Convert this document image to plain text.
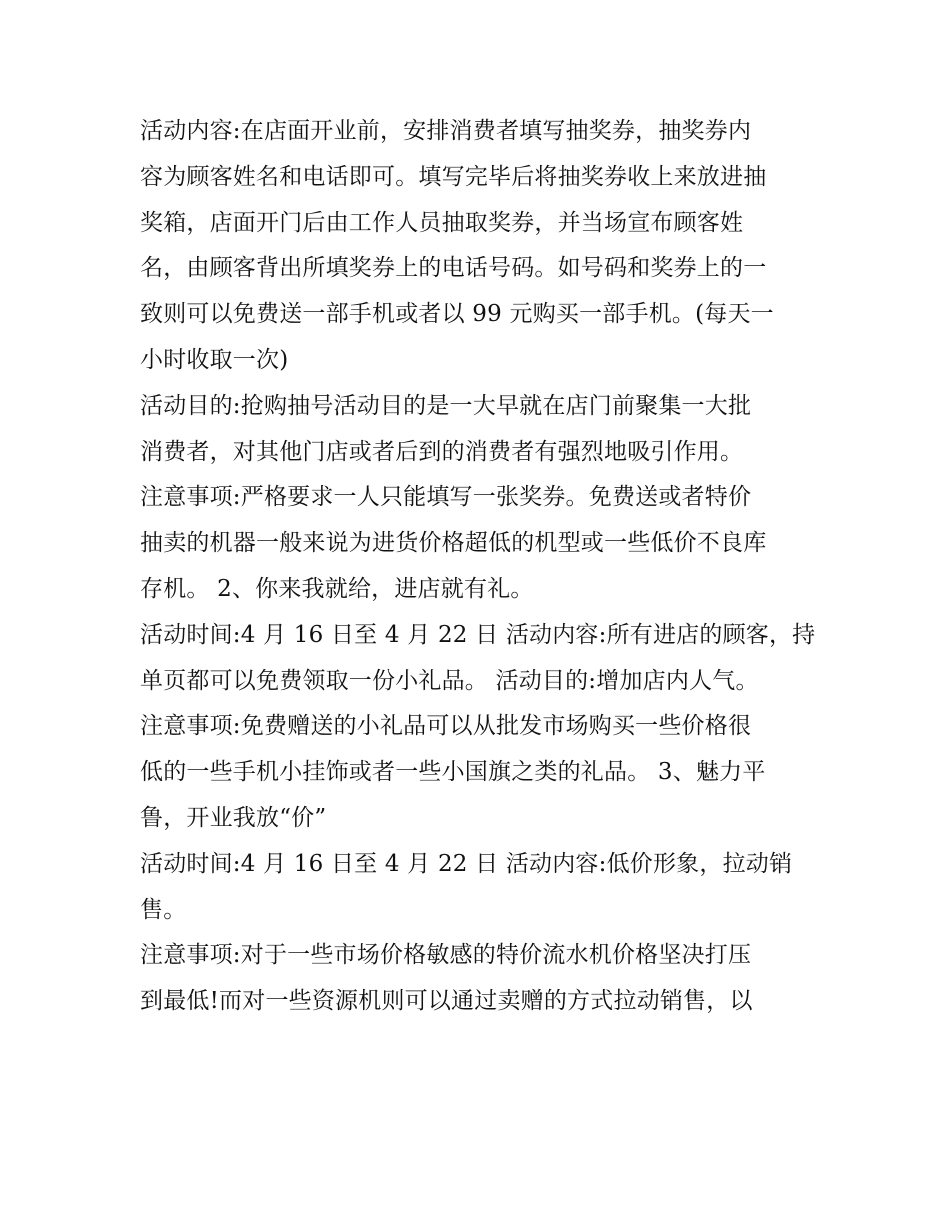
活动内容:在店面开业前，安排消费者填写抽奖券，抽奖券内
容为顾客姓名和电话即可。填写完毕后将抽奖券收上来放进抽
奖箱，店面开门后由工作人员抽取奖券，并当场宣布顾客姓
名，由顾客背出所填奖券上的电话号码。如号码和奖券上的一
致则可以免费送一部手机或者以 99 元购买一部手机。(每天一
小时收取一次)
活动目的:抢购抽号活动目的是一大早就在店门前聚集一大批
消费者，对其他门店或者后到的消费者有强烈地吸引作用。
注意事项:严格要求一人只能填写一张奖券。免费送或者特价
抽卖的机器一般来说为进货价格超低的机型或一些低价不良库
存机。 2、你来我就给，进店就有礼。
活动时间:4 月 16 日至 4 月 22 日 活动内容:所有进店的顾客，持
单页都可以免费领取一份小礼品。 活动目的:增加店内人气。
注意事项:免费赠送的小礼品可以从批发市场购买一些价格很
低的一些手机小挂饰或者一些小国旗之类的礼品。 3、魅力平
鲁，开业我放“价”
活动时间:4 月 16 日至 4 月 22 日 活动内容:低价形象，拉动销
售。
注意事项:对于一些市场价格敏感的特价流水机价格坚决打压
到最低!而对一些资源机则可以通过卖赠的方式拉动销售，以
